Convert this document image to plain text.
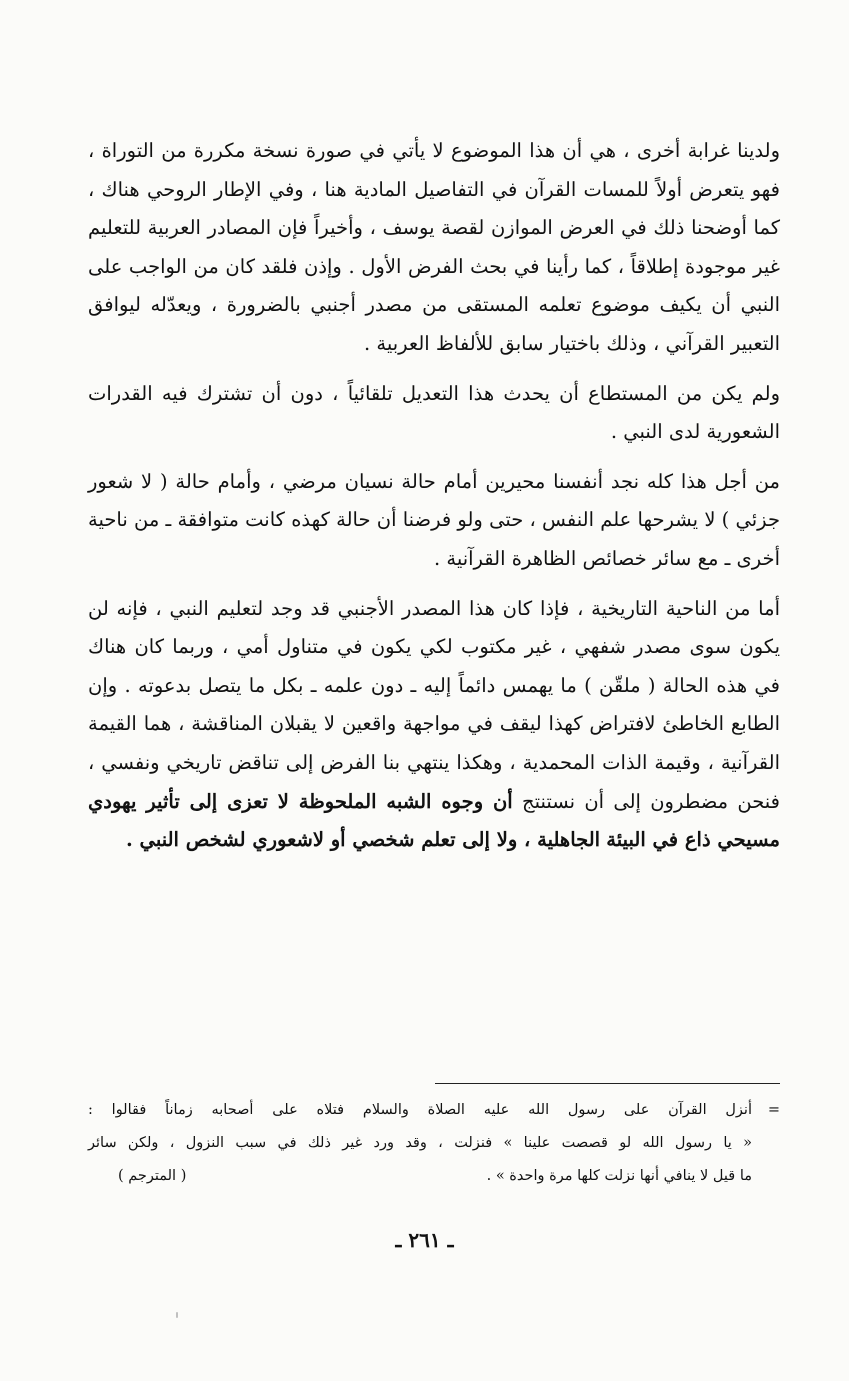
ولدينا غرابة أخرى ، هي أن هذا الموضوع لا يأتي في صورة نسخة مكررة من التوراة ، فهو يتعرض أولاً للمسات القرآن في التفاصيل المادية هنا ، وفي الإطار الروحي هناك ، كما أوضحنا ذلك في العرض الموازن لقصة يوسف ، وأخيراً فإن المصادر العربية للتعليم غير موجودة إطلاقاً ، كما رأينا في بحث الفرض الأول . وإذن فلقد كان من الواجب على النبي أن يكيف موضوع تعلمه المستقى من مصدر أجنبي بالضرورة ، ويعدّله ليوافق التعبير القرآني ، وذلك باختيار سابق للألفاظ العربية .

ولم يكن من المستطاع أن يحدث هذا التعديل تلقائياً ، دون أن تشترك فيه القدرات الشعورية لدى النبي .

من أجل هذا كله نجد أنفسنا محيرين أمام حالة نسيان مرضي ، وأمام حالة ( لا شعور جزئي ) لا يشرحها علم النفس ، حتى ولو فرضنا أن حالة كهذه كانت متوافقة ـ من ناحية أخرى ـ مع سائر خصائص الظاهرة القرآنية .

أما من الناحية التاريخية ، فإذا كان هذا المصدر الأجنبي قد وجد لتعليم النبي ، فإنه لن يكون سوى مصدر شفهي ، غير مكتوب لكي يكون في متناول أمي ، وربما كان هناك في هذه الحالة ( ملقّن ) ما يهمس دائماً إليه ـ دون علمه ـ بكل ما يتصل بدعوته . وإن الطابع الخاطئ لافتراض كهذا ليقف في مواجهة واقعين لا يقبلان المناقشة ، هما القيمة القرآنية ، وقيمة الذات المحمدية ، وهكذا ينتهي بنا الفرض إلى تناقض تاريخي ونفسي ، فنحن مضطرون إلى أن نستنتج أن وجوه الشبه الملحوظة لا تعزى إلى تأثير يهودي مسيحي ذاع في البيئة الجاهلية ، ولا إلى تعلم شخصي أو لاشعوري لشخص النبي .

=
أنزل القرآن على رسول الله عليه الصلاة والسلام فتلاه على أصحابه زماناً فقالوا :
« يا رسول الله لو قصصت علينا » فنزلت ، وقد ورد غير ذلك في سبب النزول ، ولكن سائر
ما قيل لا ينافي أنها نزلت كلها مرة واحدة » .
( المترجم )
ـ ٢٦١ ـ
